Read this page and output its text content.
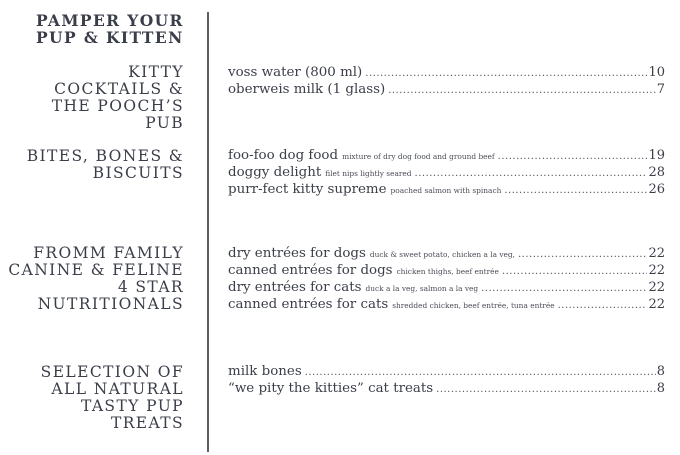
PAMPER YOUR PUP & KITTEN
KITTY COCKTAILS & THE POOCH’S PUB
voss water (800 ml) .....	10
oberweis milk (1 glass) .....	7
BITES, BONES & BISCUITS
foo-foo dog food mixture of dry dog food and ground beef .....	19
doggy delight filet nips lightly seared .....	28
purr-fect kitty supreme poached salmon with spinach .....	26
FROMM FAMILY CANINE & FELINE 4 STAR NUTRITIONALS
dry entrées for dogs duck & sweet potato, chicken a la veg, .....	22
canned entrées for dogs chicken thighs, beef entrée .....	22
dry entrées for cats duck a la veg, salmon a la veg .....	22
canned entrées for cats shredded chicken, beef entrée, tuna entrée .....	22
SELECTION OF ALL NATURAL TASTY PUP TREATS
milk bones .....	8
“we pity the kitties” cat treats .....	8
